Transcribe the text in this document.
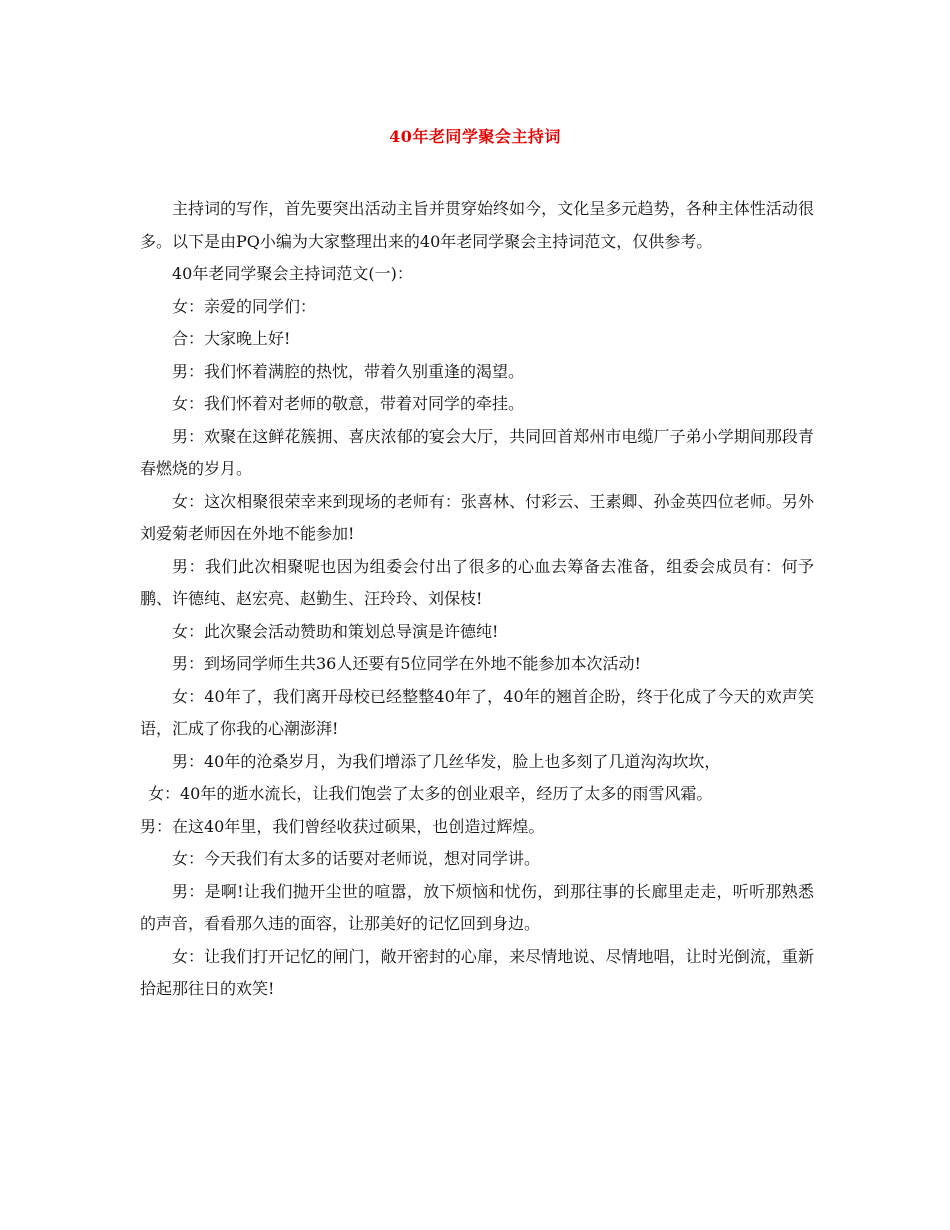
40年老同学聚会主持词

主持词的写作，首先要突出活动主旨并贯穿始终如今，文化呈多元趋势，各种主体性活动很多。以下是由PQ小编为大家整理出来的40年老同学聚会主持词范文，仅供参考。

40年老同学聚会主持词范文(一)：

女：亲爱的同学们：

合：大家晚上好!

男：我们怀着满腔的热忱，带着久别重逢的渴望。

女：我们怀着对老师的敬意，带着对同学的牵挂。

男：欢聚在这鲜花簇拥、喜庆浓郁的宴会大厅，共同回首郑州市电缆厂子弟小学期间那段青春燃烧的岁月。

女：这次相聚很荣幸来到现场的老师有：张喜林、付彩云、王素卿、孙金英四位老师。另外刘爱菊老师因在外地不能参加!

男：我们此次相聚呢也因为组委会付出了很多的心血去筹备去准备，组委会成员有：何予鹏、许德纯、赵宏亮、赵勤生、汪玲玲、刘保枝!

女：此次聚会活动赞助和策划总导演是许德纯!

男：到场同学师生共36人还要有5位同学在外地不能参加本次活动!

女：40年了，我们离开母校已经整整40年了，40年的翘首企盼，终于化成了今天的欢声笑语，汇成了你我的心潮澎湃!

男：40年的沧桑岁月，为我们增添了几丝华发，脸上也多刻了几道沟沟坎坎，

女：40年的逝水流长，让我们饱尝了太多的创业艰辛，经历了太多的雨雪风霜。

男：在这40年里，我们曾经收获过硕果，也创造过辉煌。

女：今天我们有太多的话要对老师说，想对同学讲。

男：是啊!让我们抛开尘世的喧嚣，放下烦恼和忧伤，到那往事的长廊里走走，听听那熟悉的声音，看看那久违的面容，让那美好的记忆回到身边。

女：让我们打开记忆的闸门，敞开密封的心扉，来尽情地说、尽情地唱，让时光倒流，重新拾起那往日的欢笑!
